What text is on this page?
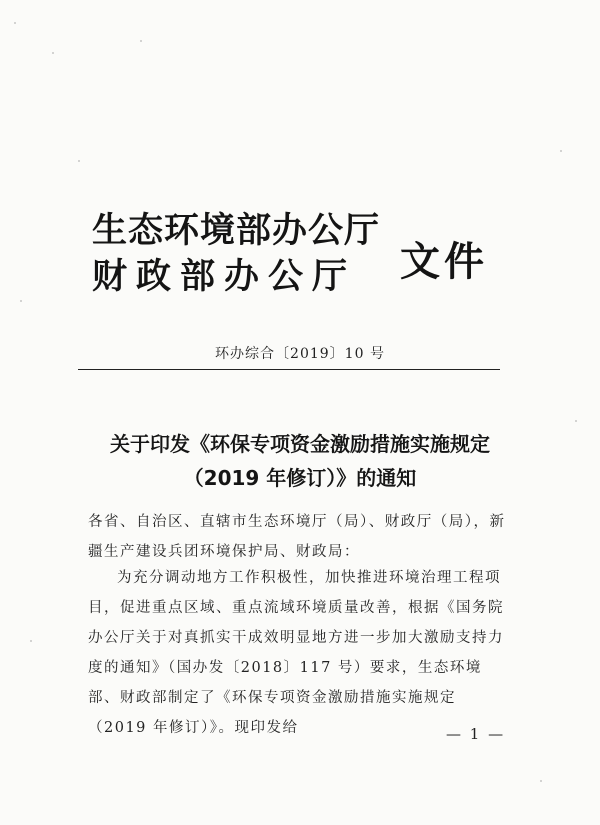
生态环境部办公厅
财政部办公厅	文件
环办综合〔2019〕10 号
关于印发《环保专项资金激励措施实施规定
（2019 年修订）》的通知
各省、自治区、直辖市生态环境厅（局）、财政厅（局），新疆生产建设兵团环境保护局、财政局：
为充分调动地方工作积极性，加快推进环境治理工程项目，促进重点区域、重点流域环境质量改善，根据《国务院办公厅关于对真抓实干成效明显地方进一步加大激励支持力度的通知》（国办发〔2018〕117 号）要求，生态环境部、财政部制定了《环保专项资金激励措施实施规定（2019 年修订）》。现印发给	— 1 —
